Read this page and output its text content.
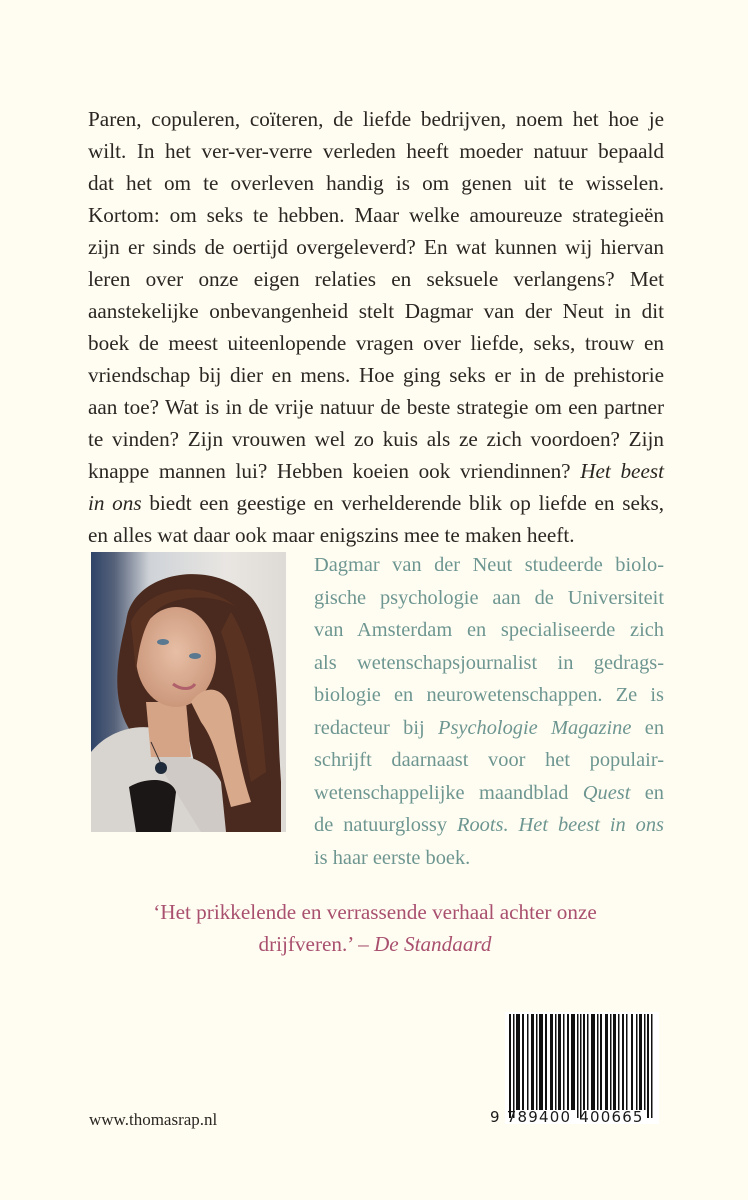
Paren, copuleren, coïteren, de liefde bedrijven, noem het hoe je
wilt. In het ver-ver-verre verleden heeft moeder natuur bepaald
dat het om te overleven handig is om genen uit te wisselen.
Kortom: om seks te hebben. Maar welke amoureuze strategieën
zijn er sinds de oertijd overgeleverd? En wat kunnen wij hiervan
leren over onze eigen relaties en seksuele verlangens? Met
aanstekelijke onbevangenheid stelt Dagmar van der Neut in dit
boek de meest uiteenlopende vragen over liefde, seks, trouw en
vriendschap bij dier en mens. Hoe ging seks er in de prehistorie
aan toe? Wat is in de vrije natuur de beste strategie om een partner
te vinden? Zijn vrouwen wel zo kuis als ze zich voordoen? Zijn
knappe mannen lui? Hebben koeien ook vriendinnen? Het beest
in ons biedt een geestige en verhelderende blik op liefde en seks,
en alles wat daar ook maar enigszins mee te maken heeft.
Dagmar van der Neut studeerde biolo-
gische psychologie aan de Universiteit
van Amsterdam en specialiseerde zich
als wetenschapsjournalist in gedrags-
biologie en neurowetenschappen. Ze is
redacteur bij Psychologie Magazine en
schrijft daarnaast voor het populair-
wetenschappelijke maandblad Quest en
de natuurglossy Roots. Het beest in ons
is haar eerste boek.
‘Het prikkelende en verrassende verhaal achter onze
drijfveren.’ – De Standaard
9 789400 400665
www.thomasrap.nl
